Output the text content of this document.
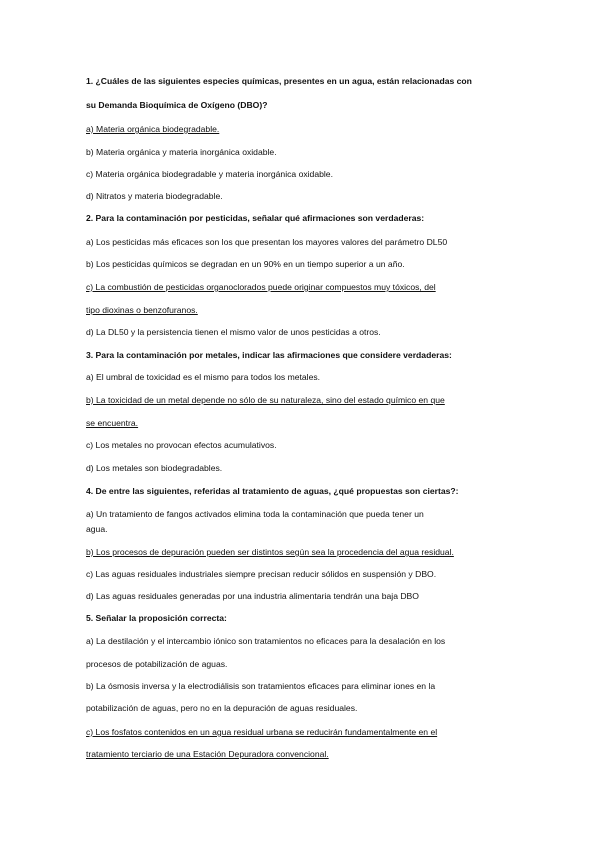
1. ¿Cuáles de las siguientes especies químicas, presentes en un agua, están relacionadas con
su Demanda Bioquímica de Oxígeno (DBO)?
a) Materia orgánica biodegradable.
b) Materia orgánica y materia inorgánica oxidable.
c) Materia orgánica biodegradable y materia inorgánica oxidable.
d) Nitratos y materia biodegradable.
2. Para la contaminación por pesticidas, señalar qué afirmaciones son verdaderas:
a) Los pesticidas más eficaces son los que presentan los mayores valores del parámetro DL50
b) Los pesticidas químicos se degradan en un 90% en un tiempo superior a un año.
c) La combustión de pesticidas organoclorados puede originar compuestos muy tóxicos, del
tipo dioxinas o benzofuranos.
d) La DL50 y la persistencia tienen el mismo valor de unos pesticidas a otros.
3. Para la contaminación por metales, indicar las afirmaciones que considere verdaderas:
a) El umbral de toxicidad es el mismo para todos los metales.
b) La toxicidad de un metal depende no sólo de su naturaleza, sino del estado químico en que
se encuentra.
c) Los metales no provocan efectos acumulativos.
d) Los metales son biodegradables.
4. De entre las siguientes, referidas al tratamiento de aguas, ¿qué propuestas son ciertas?:
a) Un tratamiento de fangos activados elimina toda la contaminación que pueda tener un
agua.
b) Los procesos de depuración pueden ser distintos según sea la procedencia del agua residual.
c) Las aguas residuales industriales siempre precisan reducir sólidos en suspensión y DBO.
d) Las aguas residuales generadas por una industria alimentaria tendrán una baja DBO
5. Señalar la proposición correcta:
a) La destilación y el intercambio iónico son tratamientos no eficaces para la desalación en los
procesos de potabilización de aguas.
b) La ósmosis inversa y la electrodiálisis son tratamientos eficaces para eliminar iones en la
potabilización de aguas, pero no en la depuración de aguas residuales.
c) Los fosfatos contenidos en un agua residual urbana se reducirán fundamentalmente en el
tratamiento terciario de una Estación Depuradora convencional.
